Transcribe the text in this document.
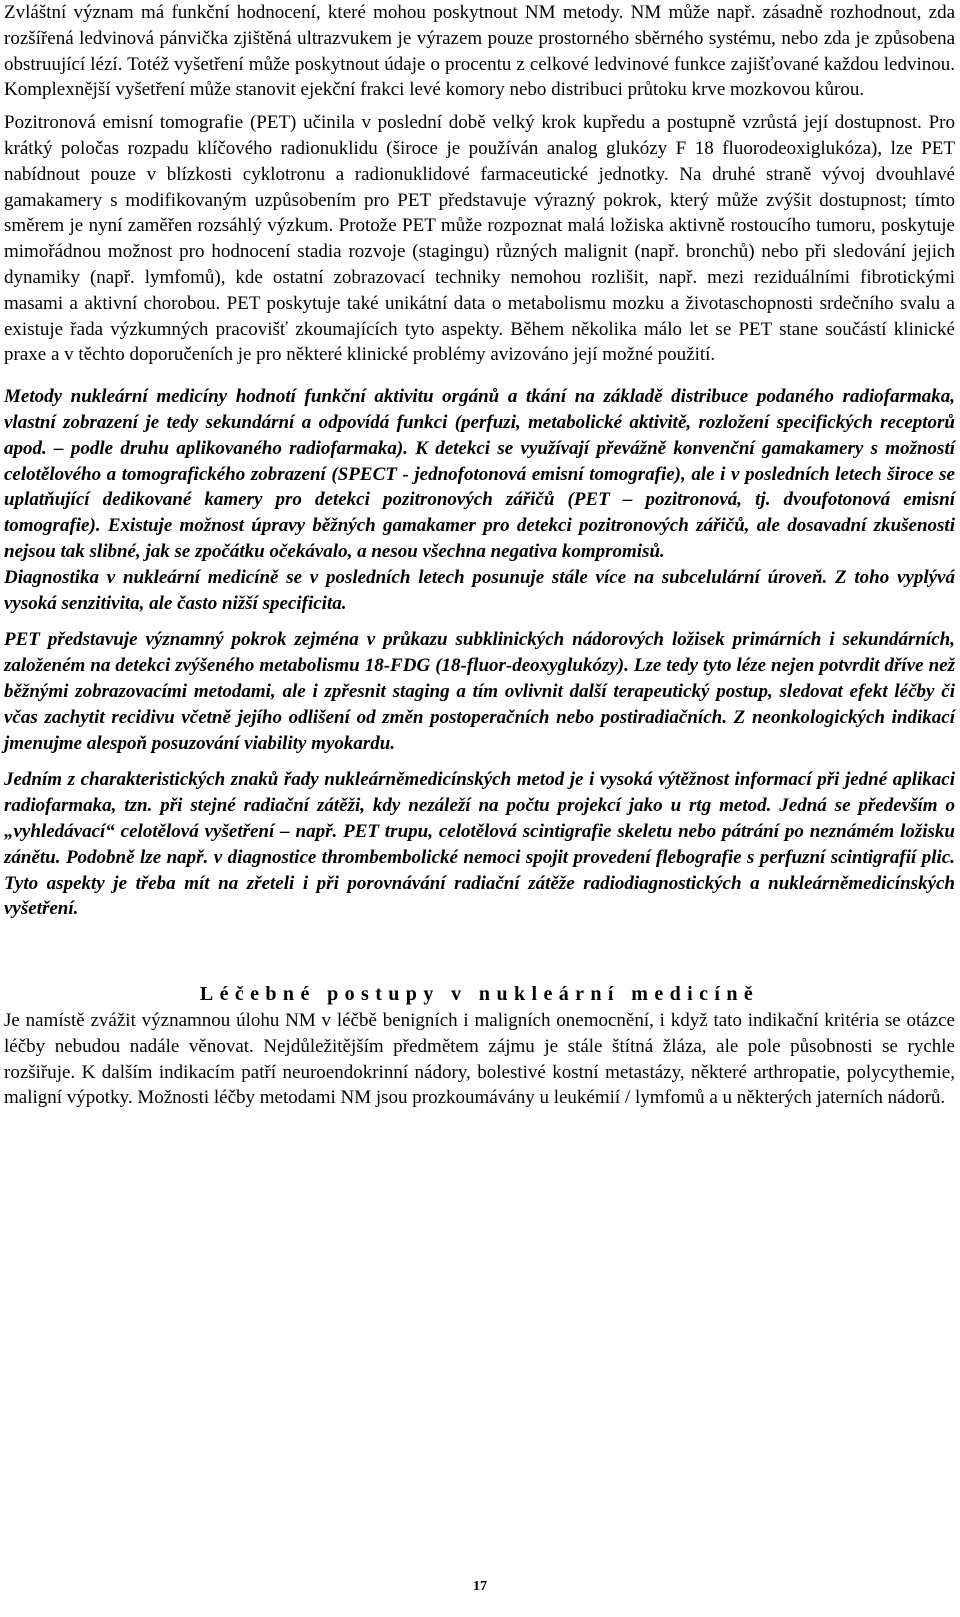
Zvláštní význam má funkční hodnocení, které mohou poskytnout NM metody. NM může např. zásadně rozhodnout, zda rozšířená ledvinová pánvička zjištěná ultrazvukem je výrazem pouze prostorného sběrného systému, nebo zda je způsobena obstruující lézí. Totéž vyšetření může poskytnout údaje o procentu z celkové ledvinové funkce zajišťované každou ledvinou. Komplexnější vyšetření může stanovit ejekční frakci levé komory nebo distribuci průtoku krve mozkovou kůrou.

Pozitronová emisní tomografie (PET) učinila v poslední době velký krok kupředu a postupně vzrůstá její dostupnost. Pro krátký poločas rozpadu klíčového radionuklidu (široce je používán analog glukózy F 18 fluorodeoxiglukóza), lze PET nabídnout pouze v blízkosti cyklotronu a radionuklidové farmaceutické jednotky. Na druhé straně vývoj dvouhlavé gamakamery s modifikovaným uzpůsobením pro PET představuje výrazný pokrok, který může zvýšit dostupnost; tímto směrem je nyní zaměřen rozsáhlý výzkum. Protože PET může rozpoznat malá ložiska aktivně rostoucího tumoru, poskytuje mimořádnou možnost pro hodnocení stadia rozvoje (stagingu) různých malignit (např. bronchů) nebo při sledování jejich dynamiky (např. lymfomů), kde ostatní zobrazovací techniky nemohou rozlišit, např. mezi reziduálními fibrotickými masami a aktivní chorobou. PET poskytuje také unikátní data o metabolismu mozku a životaschopnosti srdečního svalu a existuje řada výzkumných pracovišť zkoumajících tyto aspekty. Během několika málo let se PET stane součástí klinické praxe a v těchto doporučeních je pro některé klinické problémy avizováno její možné použití.

Metody nukleární medicíny hodnotí funkční aktivitu orgánů a tkání na základě distribuce podaného radiofarmaka, vlastní zobrazení je tedy sekundární a odpovídá funkci (perfuzi, metabolické aktivitě, rozložení specifických receptorů apod. – podle druhu aplikovaného radiofarmaka). K detekci se využívají převážně konvenční gamakamery s možností celotělového a tomografického zobrazení (SPECT - jednofotonová emisní tomografie), ale i v posledních letech široce se uplatňující dedikované kamery pro detekci pozitronových zářičů (PET – pozitronová, tj. dvoufotonová emisní tomografie). Existuje možnost úpravy běžných gamakamer pro detekci pozitronových zářičů, ale dosavadní zkušenosti nejsou tak slibné, jak se zpočátku očekávalo, a nesou všechna negativa kompromisů.

Diagnostika v nukleární medicíně se v posledních letech posunuje stále více na subcelulární úroveň. Z toho vyplývá vysoká senzitivita, ale často nižší specificita.

PET představuje významný pokrok zejména v průkazu subklinických nádorových ložisek primárních i sekundárních, založeném na detekci zvýšeného metabolismu 18-FDG (18-fluor-deoxyglukózy). Lze tedy tyto léze nejen potvrdit dříve než běžnými zobrazovacími metodami, ale i zpřesnit staging a tím ovlivnit další terapeutický postup, sledovat efekt léčby či včas zachytit recidivu včetně jejího odlišení od změn postoperačních nebo postiradiačních. Z neonkologických indikací jmenujme alespoň posuzování viability myokardu.

Jedním z charakteristických znaků řady nukleárněmedicínských metod je i vysoká výtěžnost informací při jedné aplikaci radiofarmaka, tzn. při stejné radiační zátěži, kdy nezáleží na počtu projekcí jako u rtg metod. Jedná se především o „vyhledávací“ celotělová vyšetření – např. PET trupu, celotělová scintigrafie skeletu nebo pátrání po neznámém ložisku zánětu. Podobně lze např. v diagnostice thrombembolické nemoci spojit provedení flebografie s perfuzní scintigrafií plic. Tyto aspekty je třeba mít na zřeteli i při porovnávání radiační zátěže radiodiagnostických a nukleárněmedicínských vyšetření.

Léčebné postupy v nukleární medicíně

Je namístě zvážit významnou úlohu NM v léčbě benigních i maligních onemocnění, i když tato indikační kritéria se otázce léčby nebudou nadále věnovat. Nejdůležitějším předmětem zájmu je stále štítná žláza, ale pole působnosti se rychle rozšiřuje. K dalším indikacím patří neuroendokrinní nádory, bolestivé kostní metastázy, některé arthropatie, polycythemie, maligní výpotky. Možnosti léčby metodami NM jsou prozkoumávány u leukémií / lymfomů a u některých jaterních nádorů.

17
